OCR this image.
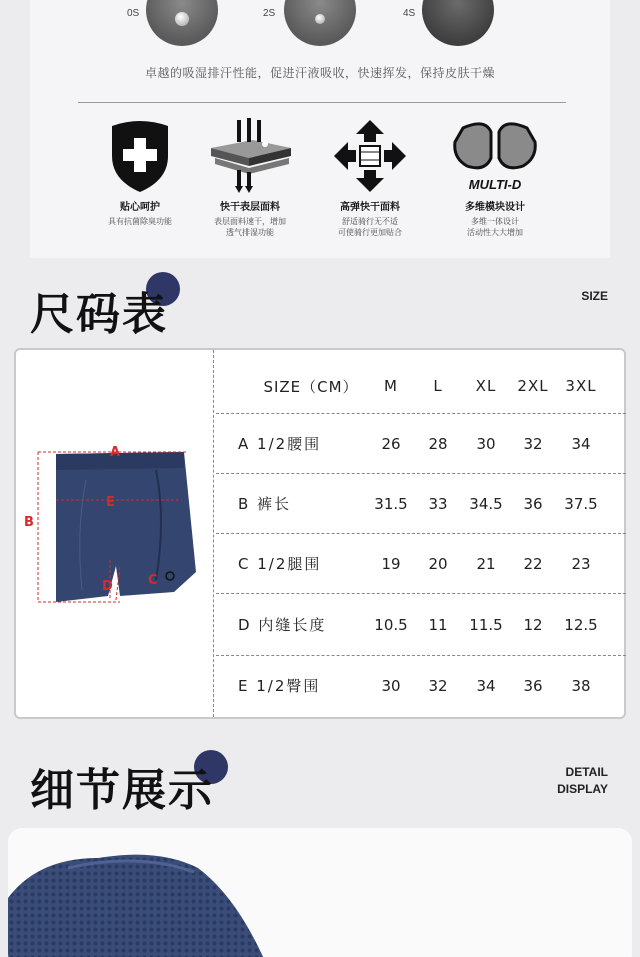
0S	2S	4S
卓越的吸湿排汗性能，促进汗液吸收，快速挥发，保持皮肤干燥
贴心呵护
具有抗菌除臭功能
快干表层面料
表层面料速干，增加
透气排湿功能
高弹快干面料
舒适骑行无不适
可使骑行更加贴合
MULTI-D
多维模块设计
多维一体设计
活动性大大增加
尺码表	SIZE
A
B
C
D
E
SIZE（CM）	M	L	XL	2XL	3XL
A 1/2腰围	26	28	30	32	34
B 裤长	31.5	33	34.5	36	37.5
C 1/2腿围	19	20	21	22	23
D 内缝长度	10.5	11	11.5	12	12.5
E 1/2臀围	30	32	34	36	38
细节展示	DETAIL
DISPLAY
